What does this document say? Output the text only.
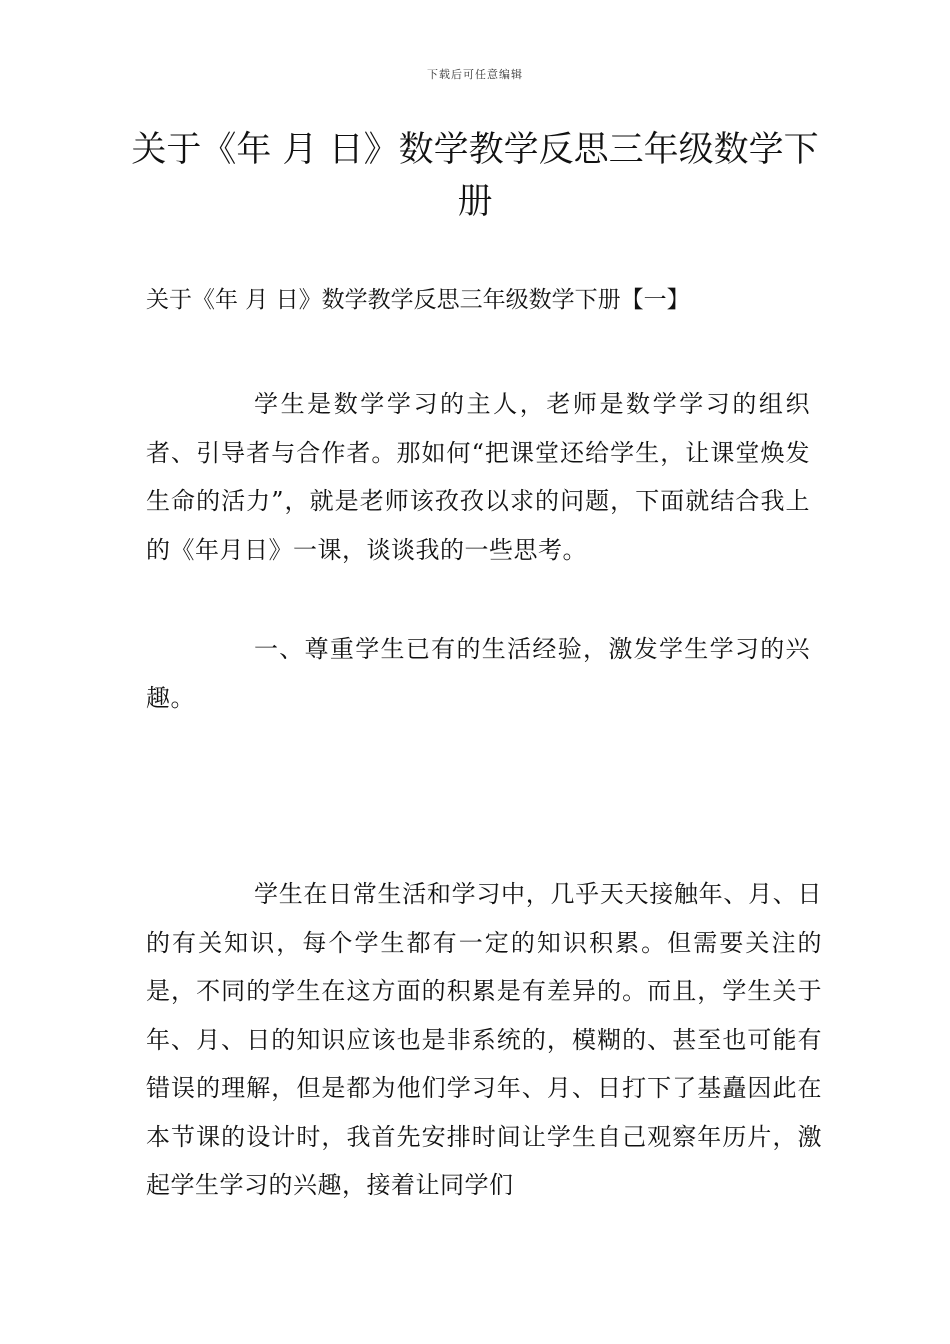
下载后可任意编辑
关于《年 月 日》数学教学反思三年级数学下册
关于《年 月 日》数学教学反思三年级数学下册【一】

学生是数学学习的主人，老师是数学学习的组织者、引导者与合作者。那如何“把课堂还给学生，让课堂焕发生命的活力”，就是老师该孜孜以求的问题，下面就结合我上的《年月日》一课，谈谈我的一些思考。

一、尊重学生已有的生活经验，激发学生学习的兴趣。

学生在日常生活和学习中，几乎天天接触年、月、日的有关知识，每个学生都有一定的知识积累。但需要关注的是，不同的学生在这方面的积累是有差异的。而且，学生关于年、月、日的知识应该也是非系统的，模糊的、甚至也可能有错误的理解，但是都为他们学习年、月、日打下了基矗因此在本节课的设计时，我首先安排时间让学生自己观察年历片，激起学生学习的兴趣，接着让同学们
